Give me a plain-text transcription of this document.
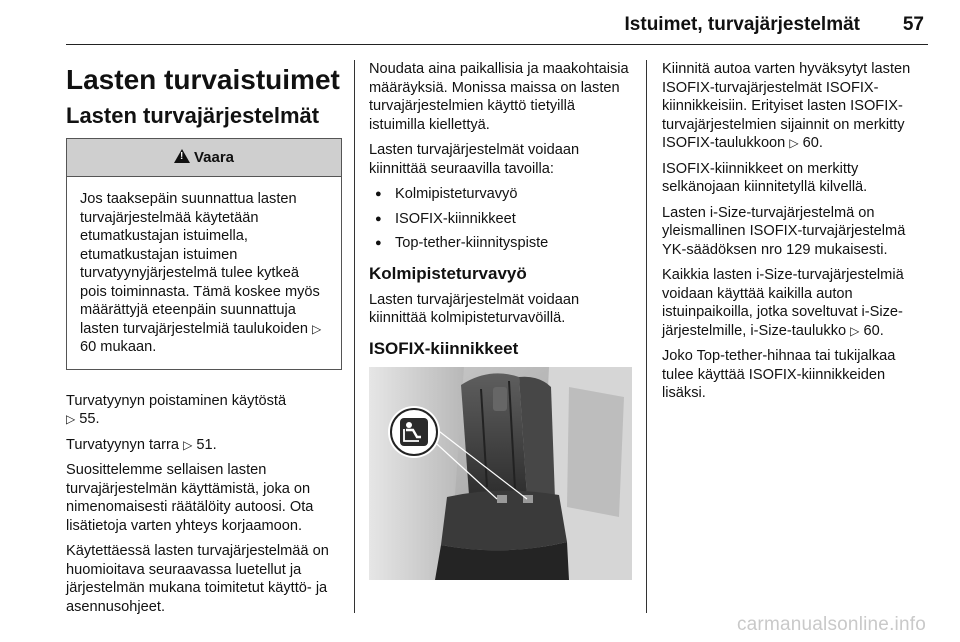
Istuimet, turvajärjestelmät	57
Lasten turvaistuimet
Lasten turvajärjestelmät
! Vaara
Jos taaksepäin suunnattua lasten turvajärjestelmää käytetään etumatkustajan istuimella, etumatkustajan istuimen turvatyynyjärjestelmä tulee kytkeä pois toiminnasta. Tämä koskee myös määrättyjä eteenpäin suunnattuja lasten turvajärjestelmiä taulukoiden ▷ 60 mukaan.

Turvatyynyn poistaminen käytöstä
▷ 55.

Turvatyynyn tarra ▷ 51.

Suosittelemme sellaisen lasten turvajärjestelmän käyttämistä, joka on nimenomaisesti räätälöity autoosi. Ota lisätietoja varten yhteys korjaamoon.

Käytettäessä lasten turvajärjestelmää on huomioitava seuraavassa luetellut ja järjestelmän mukana toimitetut käyttö- ja asennusohjeet.

Noudata aina paikallisia ja maakohtaisia määräyksiä. Monissa maissa on lasten turvajärjestelmien käyttö tietyillä istuimilla kiellettyä.

Lasten turvajärjestelmät voidaan kiinnittää seuraavilla tavoilla:

● Kolmipisteturvavyö
● ISOFIX-kiinnikkeet
● Top-tether-kiinnityspiste
Kolmipisteturvavyö

Lasten turvajärjestelmät voidaan kiinnittää kolmipisteturvavöillä.

ISOFIX-kiinnikkeet

Kiinnitä autoa varten hyväksytyt lasten ISOFIX-turvajärjestelmät ISOFIX-kiinnikkeisiin. Erityiset lasten ISOFIX-turvajärjestelmien sijainnit on merkitty ISOFIX-taulukkoon ▷ 60.

ISOFIX-kiinnikkeet on merkitty selkänojaan kiinnitetyllä kilvellä.

Lasten i-Size-turvajärjestelmä on yleismallinen ISOFIX-turvajärjestelmä YK-säädöksen nro 129 mukaisesti.

Kaikkia lasten i-Size-turvajärjestelmiä voidaan käyttää kaikilla auton istuinpaikoilla, jotka soveltuvat i-Size-järjestelmille, i-Size-taulukko ▷ 60.

Joko Top-tether-hihnaa tai tukijalkaa tulee käyttää ISOFIX-kiinnikkeiden lisäksi.

carmanualsonline.info
